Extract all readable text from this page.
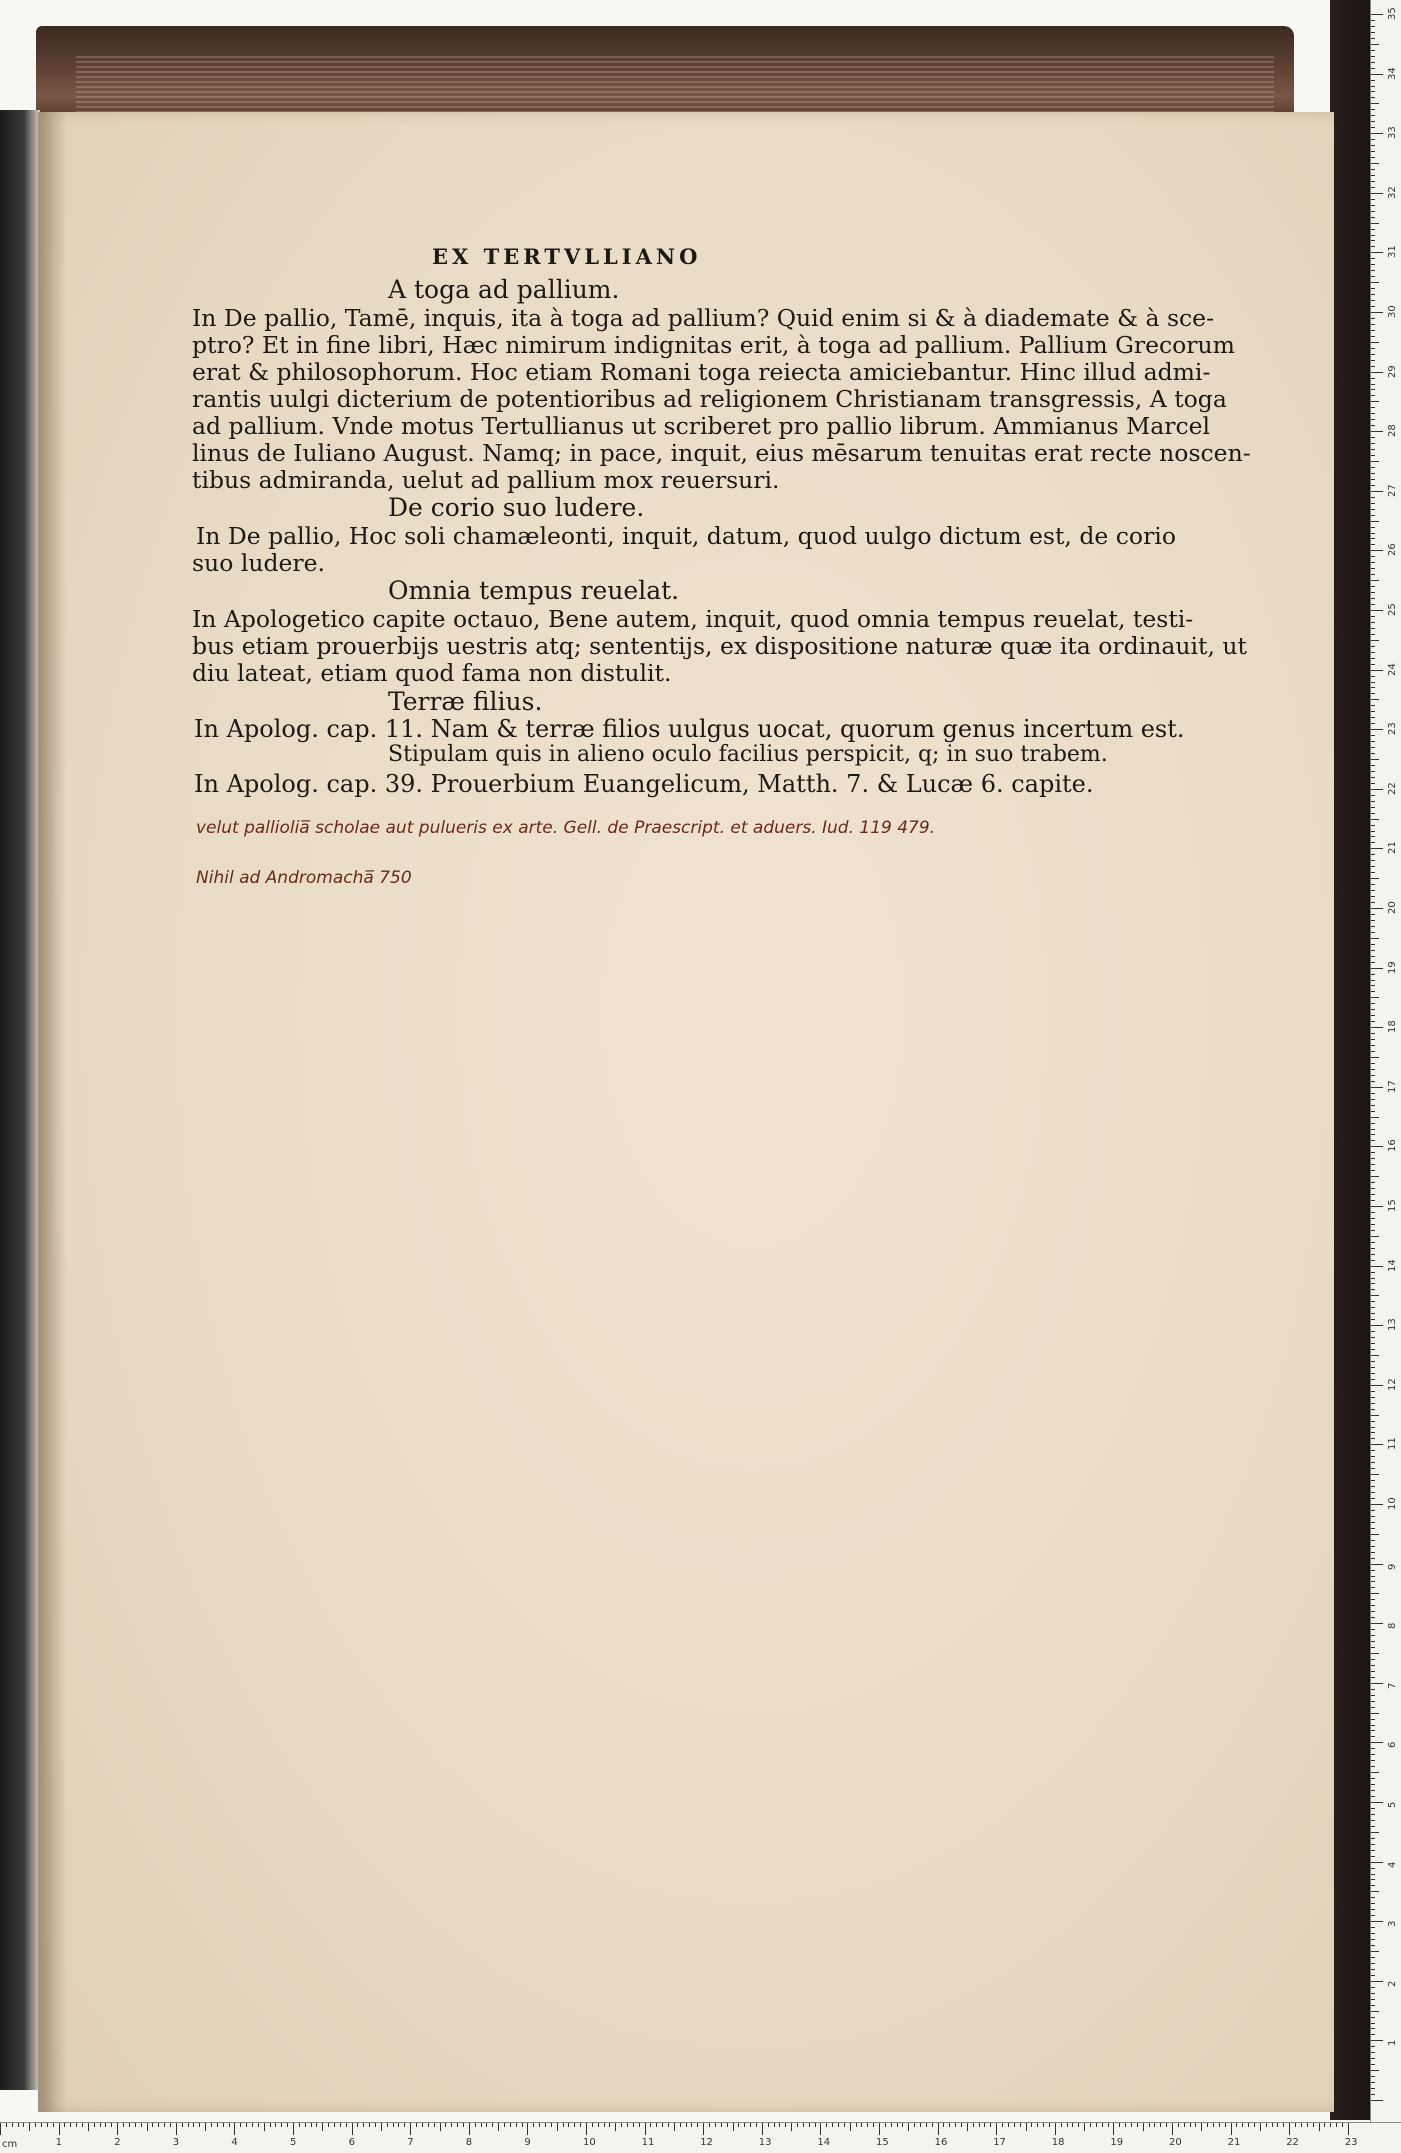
EX TERTVLLIANO
A toga ad pallium.
In De pallio, Tamē, inquis, ita à toga ad pallium? Quid enim si & à diademate & à sce-
ptro? Et in fine libri, Hæc nimirum indignitas erit, à toga ad pallium. Pallium Grecorum
erat & philosophorum. Hoc etiam Romani toga reiecta amiciebantur. Hinc illud admi-
rantis uulgi dicterium de potentioribus ad religionem Christianam transgressis, A toga
ad pallium. Vnde motus Tertullianus ut scriberet pro pallio librum. Ammianus Marcel
linus de Iuliano August. Namq; in pace, inquit, eius mēsarum tenuitas erat recte noscen-
tibus admiranda, uelut ad pallium mox reuersuri.
De corio suo ludere.
In De pallio, Hoc soli chamæleonti, inquit, datum, quod uulgo dictum est, de corio
suo ludere.
Omnia tempus reuelat.
In Apologetico capite octauo, Bene autem, inquit, quod omnia tempus reuelat, testi-
bus etiam prouerbijs uestris atq; sententijs, ex dispositione naturæ quæ ita ordinauit, ut
diu lateat, etiam quod fama non distulit.
Terræ filius.
In Apolog. cap. 11. Nam & terræ filios uulgus uocat, quorum genus incertum est.
Stipulam quis in alieno oculo facilius perspicit, q; in suo trabem.
In Apolog. cap. 39. Prouerbium Euangelicum, Matth. 7. & Lucæ 6. capite.
velut palliolia̅ scholae aut pulueris ex arte. Gell. de Praescript. et aduers. Iud. 119 479.
Nihil ad Andromacha̅ 750
cm	1	2	3	4	5	6	7	8	9	10	11	12	13	14	15	16	17	18	19	20	21	22	23
1
2
3
4
5
6
7
8
9
10
11
12
13
14
15
16
17
18
19
20
21
22
23
24
25
26
27
28
29
30
31
32
33
34
35
